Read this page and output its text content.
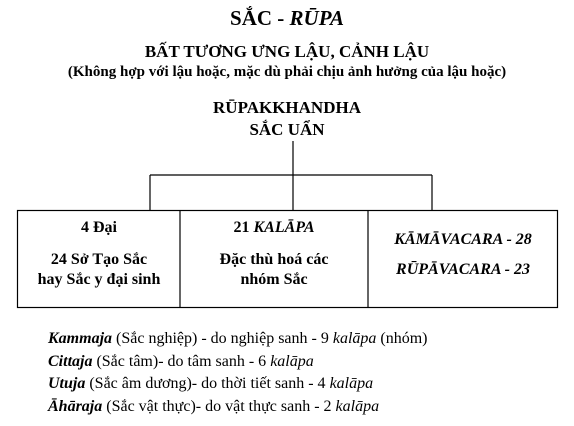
SẮC - RŪPA
BẤT TƯƠNG ƯNG LẬU, CẢNH LẬU
(Không hợp với lậu hoặc, mặc dù phải chịu ảnh hưởng của lậu hoặc)
RŪPAKKHANDHA
SẮC UẨN
4 Đại
24 Sở Tạo Sắc
hay Sắc y đại sinh
21 KALĀPA
Đặc thù hoá các
nhóm Sắc
KĀMĀVACARA - 28
RŪPĀVACARA - 23
Kammaja (Sắc nghiệp) - do nghiệp sanh - 9 kalāpa (nhóm)
Cittaja (Sắc tâm)- do tâm sanh - 6 kalāpa
Utuja (Sắc âm dương)- do thời tiết sanh - 4 kalāpa
Āhāraja (Sắc vật thực)- do vật thực sanh - 2 kalāpa
